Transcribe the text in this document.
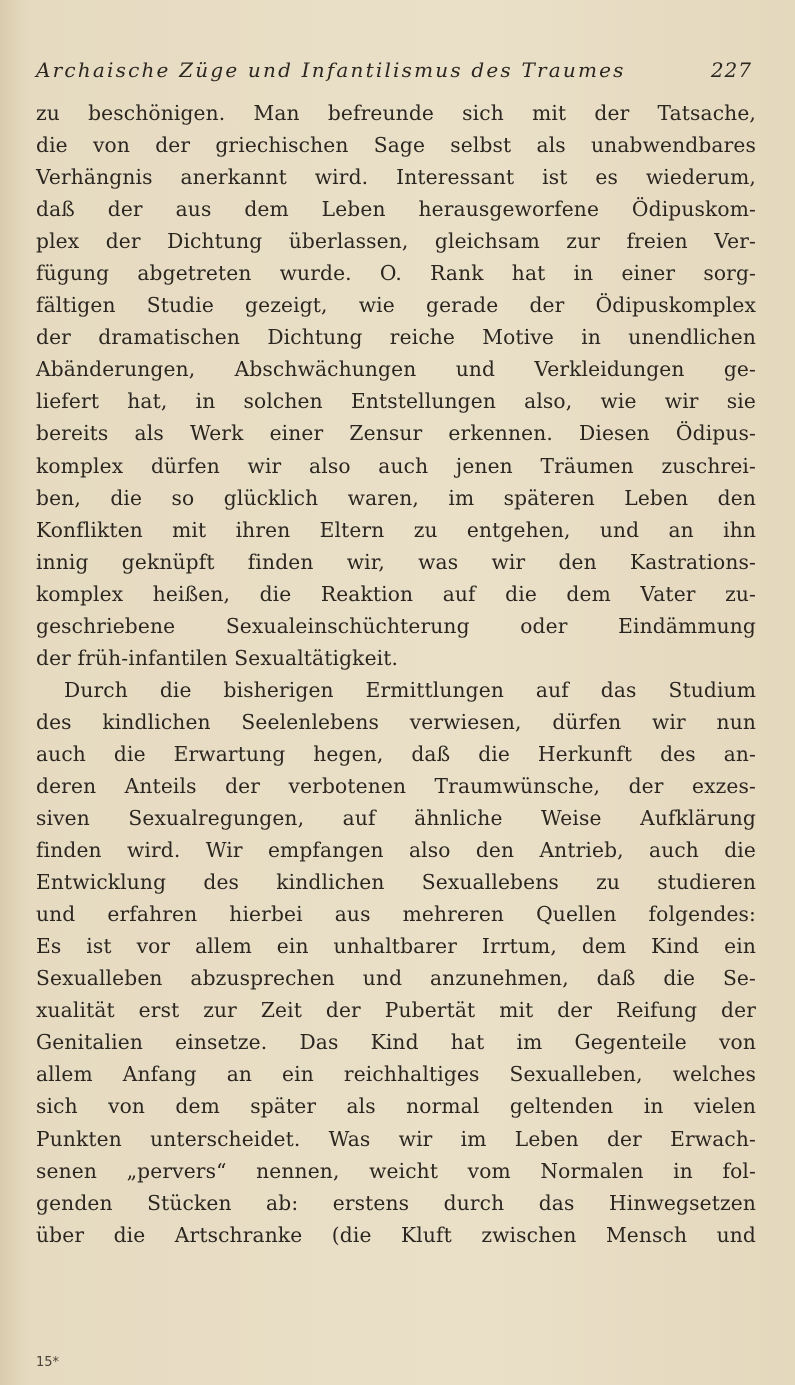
Archaische Züge und Infantilismus des Traumes	227
zu beschönigen. Man befreunde sich mit der Tatsache,
die von der griechischen Sage selbst als unabwendbares
Verhängnis anerkannt wird. Interessant ist es wiederum,
daß der aus dem Leben herausgeworfene Ödipuskom-
plex der Dichtung überlassen, gleichsam zur freien Ver-
fügung abgetreten wurde. O. Rank hat in einer sorg-
fältigen Studie gezeigt, wie gerade der Ödipuskomplex
der dramatischen Dichtung reiche Motive in unendlichen
Abänderungen, Abschwächungen und Verkleidungen ge-
liefert hat, in solchen Entstellungen also, wie wir sie
bereits als Werk einer Zensur erkennen. Diesen Ödipus-
komplex dürfen wir also auch jenen Träumen zuschrei-
ben, die so glücklich waren, im späteren Leben den
Konflikten mit ihren Eltern zu entgehen, und an ihn
innig geknüpft finden wir, was wir den Kastrations-
komplex heißen, die Reaktion auf die dem Vater zu-
geschriebene Sexualeinschüchterung oder Eindämmung
der früh-infantilen Sexualtätigkeit.
Durch die bisherigen Ermittlungen auf das Studium
des kindlichen Seelenlebens verwiesen, dürfen wir nun
auch die Erwartung hegen, daß die Herkunft des an-
deren Anteils der verbotenen Traumwünsche, der exzes-
siven Sexualregungen, auf ähnliche Weise Aufklärung
finden wird. Wir empfangen also den Antrieb, auch die
Entwicklung des kindlichen Sexuallebens zu studieren
und erfahren hierbei aus mehreren Quellen folgendes:
Es ist vor allem ein unhaltbarer Irrtum, dem Kind ein
Sexualleben abzusprechen und anzunehmen, daß die Se-
xualität erst zur Zeit der Pubertät mit der Reifung der
Genitalien einsetze. Das Kind hat im Gegenteile von
allem Anfang an ein reichhaltiges Sexualleben, welches
sich von dem später als normal geltenden in vielen
Punkten unterscheidet. Was wir im Leben der Erwach-
senen „pervers“ nennen, weicht vom Normalen in fol-
genden Stücken ab: erstens durch das Hinwegsetzen
über die Artschranke (die Kluft zwischen Mensch und
15*
